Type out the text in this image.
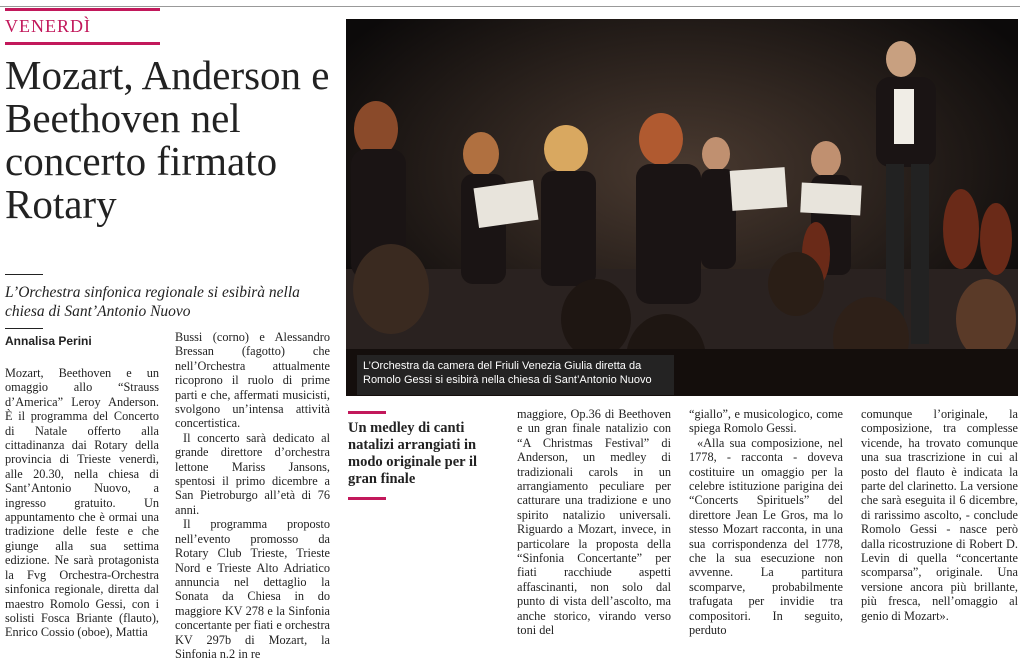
VENERDÌ
Mozart, Anderson e Beethoven nel concerto firmato Rotary
L’Orchestra sinfonica regionale si esibirà nella chiesa di Sant’Antonio Nuovo
Annalisa Perini

Mozart, Beethoven e un omaggio allo “Strauss d’America” Leroy Anderson. È il programma del Concerto di Natale offerto alla cittadinanza dai Rotary della provincia di Trieste venerdì, alle 20.30, nella chiesa di Sant’Antonio Nuovo, a ingresso gratuito. Un appuntamento che è ormai una tradizione delle feste e che giunge alla sua settima edizione. Ne sarà protagonista la Fvg Orchestra-Orchestra sinfonica regionale, diretta dal maestro Romolo Gessi, con i solisti Fosca Briante (flauto), Enrico Cossio (oboe), Mattia

Bussi (corno) e Alessandro Bressan (fagotto) che nell’Orchestra attualmente ricoprono il ruolo di prime parti e che, affermati musicisti, svolgono un’intensa attività concertistica.

Il concerto sarà dedicato al grande direttore d’orchestra lettone Mariss Jansons, spentosi il primo dicembre a San Pietroburgo all’età di 76 anni.

Il programma proposto nell’evento promosso da Rotary Club Trieste, Trieste Nord e Trieste Alto Adriatico annuncia nel dettaglio la Sonata da Chiesa in do maggiore KV 278 e la Sinfonia concertante per fiati e orchestra KV 297b di Mozart, la Sinfonia n.2 in re

L’Orchestra da camera del Friuli Venezia Giulia diretta da Romolo Gessi si esibirà nella chiesa di Sant’Antonio Nuovo
Un medley di canti natalizi arrangiati in modo originale per il gran finale

maggiore, Op.36 di Beethoven e un gran finale natalizio con “A Christmas Festival” di Anderson, un medley di tradizionali carols in un arrangiamento peculiare per catturare una tradizione e uno spirito natalizio universali. Riguardo a Mozart, invece, in particolare la proposta della “Sinfonia Concertante” per fiati racchiude aspetti affascinanti, non solo dal punto di vista dell’ascolto, ma anche storico, virando verso toni del

“giallo”, e musicologico, come spiega Romolo Gessi.

«Alla sua composizione, nel 1778, - racconta - doveva costituire un omaggio per la celebre istituzione parigina dei “Concerts Spirituels” del direttore Jean Le Gros, ma lo stesso Mozart racconta, in una sua corrispondenza del 1778, che la sua esecuzione non avvenne. La partitura scomparve, probabilmente trafugata per invidie tra compositori. In seguito, perduto

comunque l’originale, la composizione, tra complesse vicende, ha trovato comunque una sua trascrizione in cui al posto del flauto è indicata la parte del clarinetto. La versione che sarà eseguita il 6 dicembre, di rarissimo ascolto, - conclude Romolo Gessi - nasce però dalla ricostruzione di Robert D. Levin di quella “concertante scomparsa”, originale. Una versione ancora più brillante, più fresca, nell’omaggio al genio di Mozart».
